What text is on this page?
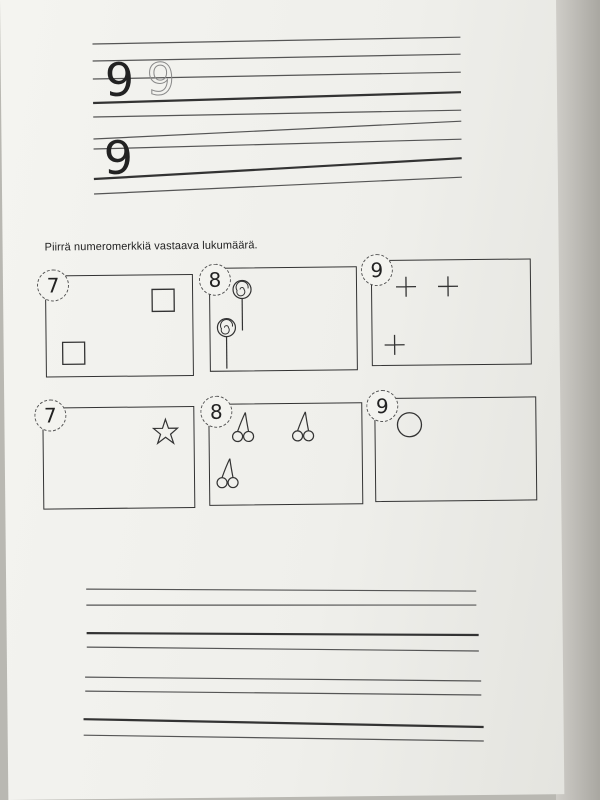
9 9
9
Piirrä numeromerkkiä vastaava lukumäärä.
7	8	9
7	8	9
